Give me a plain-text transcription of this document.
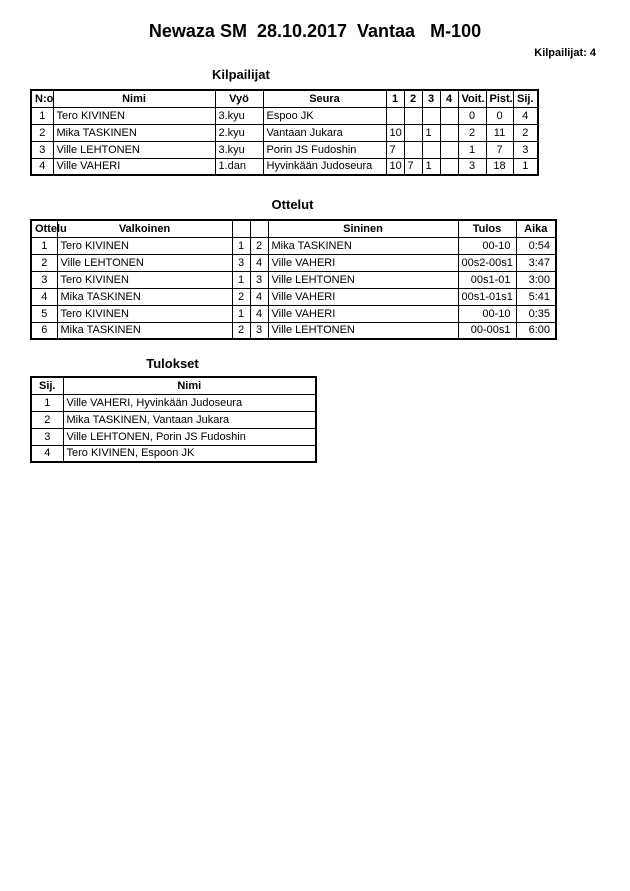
Newaza SM  28.10.2017  Vantaa   M-100
Kilpailijat: 4
Kilpailijat
N:o	Nimi	Vyö	Seura	1	2	3	4	Voit.	Pist.	Sij.
1	Tero KIVINEN	3.kyu	Espoo JK					0	0	4
2	Mika TASKINEN	2.kyu	Vantaan Jukara	10		1		2	11	2
3	Ville LEHTONEN	3.kyu	Porin JS Fudoshin	7				1	7	3
4	Ville VAHERI	1.dan	Hyvinkään Judoseura	10	7	1		3	18	1
Ottelut
Ottelu	Valkoinen			Sininen	Tulos	Aika
1	Tero KIVINEN	1	2	Mika TASKINEN	00-10	0:54
2	Ville LEHTONEN	3	4	Ville VAHERI	00s2-00s1	3:47
3	Tero KIVINEN	1	3	Ville LEHTONEN	00s1-01	3:00
4	Mika TASKINEN	2	4	Ville VAHERI	00s1-01s1	5:41
5	Tero KIVINEN	1	4	Ville VAHERI	00-10	0:35
6	Mika TASKINEN	2	3	Ville LEHTONEN	00-00s1	6:00
Tulokset
Sij.	Nimi
1	Ville VAHERI, Hyvinkään Judoseura
2	Mika TASKINEN, Vantaan Jukara
3	Ville LEHTONEN, Porin JS Fudoshin
4	Tero KIVINEN, Espoon JK
